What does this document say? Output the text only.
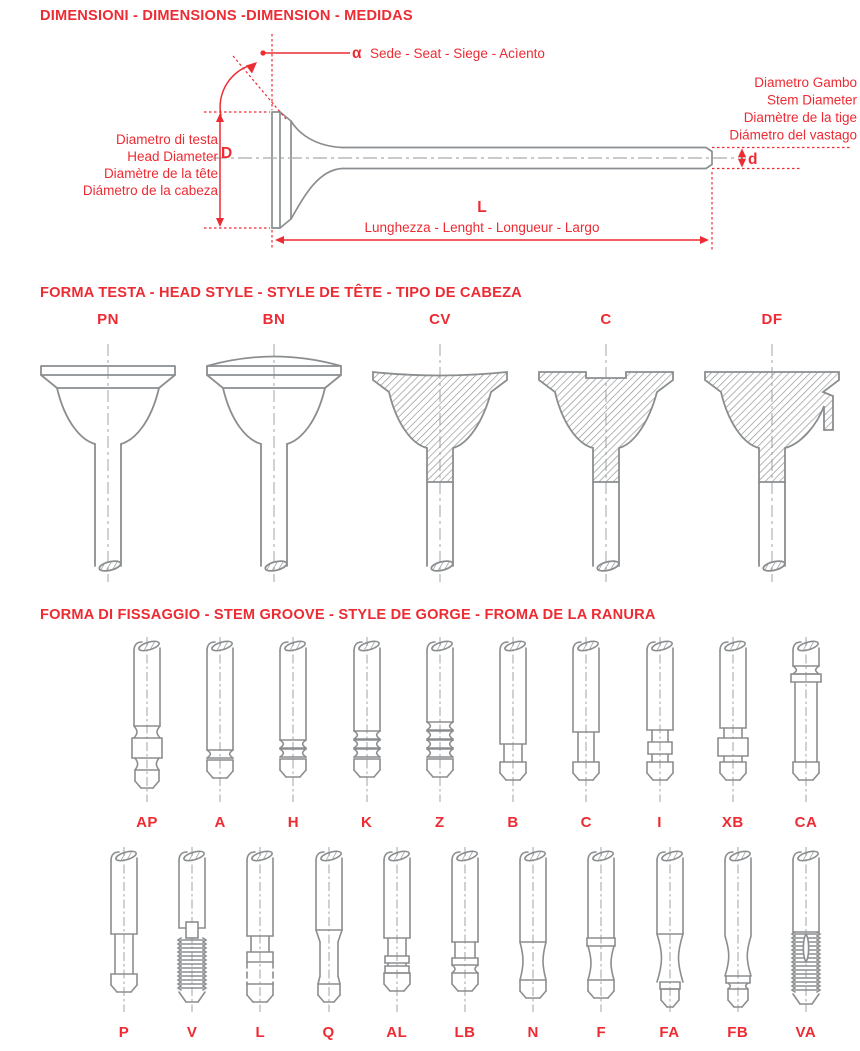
DIMENSIONI - DIMENSIONS -DIMENSION - MEDIDAS
α Sede - Seat - Siege - Acìento
Diametro Gambo
Stem Diameter
Diamètre de la tige
Diámetro del vastago
Diametro di testa
Head Diameter
Diamètre de la tête
Diámetro de la cabeza
D	d
L
Lunghezza - Lenght - Longueur - Largo
FORMA TESTA - HEAD STYLE - STYLE DE TÊTE - TIPO DE CABEZA
PN	BN	CV	C	DF
FORMA DI FISSAGGIO - STEM GROOVE - STYLE DE GORGE - FROMA DE LA RANURA
AP	A	H	K	Z	B	C	I	XB	CA
P	V	L	Q	AL	LB	N	F	FA	FB	VA
